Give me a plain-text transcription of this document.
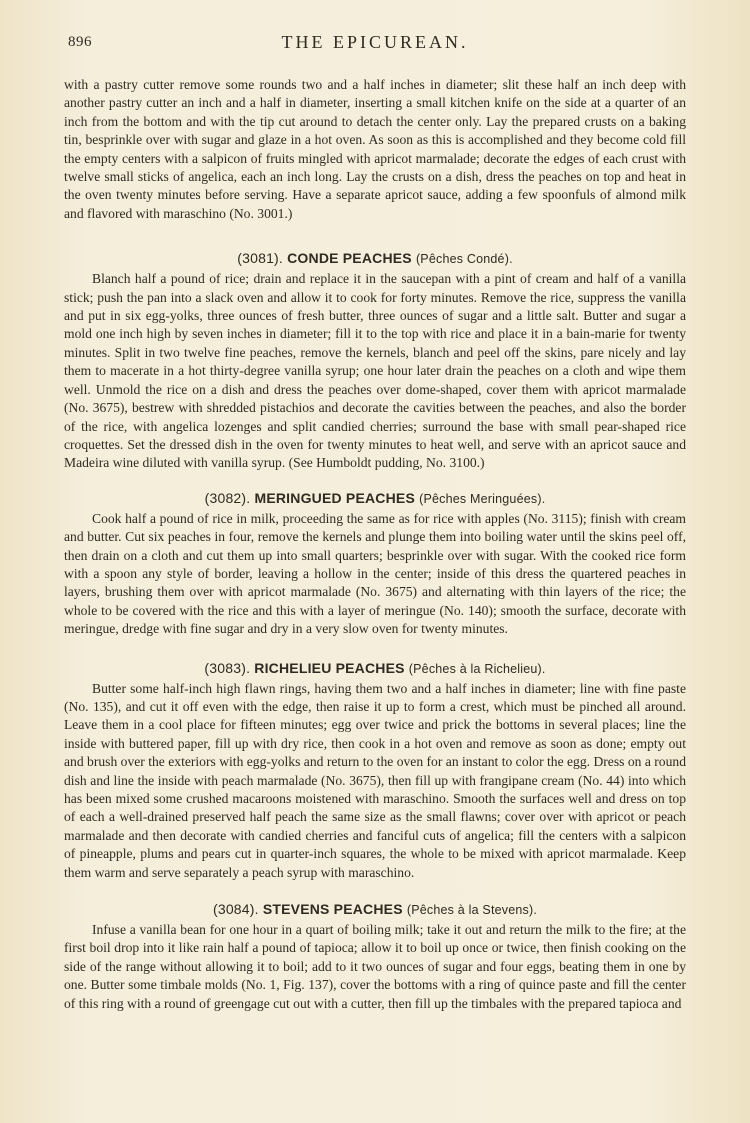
896	THE EPICUREAN.

with a pastry cutter remove some rounds two and a half inches in diameter; slit these half an inch deep with another pastry cutter an inch and a half in diameter, inserting a small kitchen knife on the side at a quarter of an inch from the bottom and with the tip cut around to detach the center only. Lay the prepared crusts on a baking tin, besprinkle over with sugar and glaze in a hot oven. As soon as this is accomplished and they become cold fill the empty centers with a salpicon of fruits mingled with apricot marmalade; decorate the edges of each crust with twelve small sticks of angelica, each an inch long. Lay the crusts on a dish, dress the peaches on top and heat in the oven twenty minutes before serving. Have a separate apricot sauce, adding a few spoonfuls of almond milk and flavored with maraschino (No. 3001.)

(3081). CONDE PEACHES (Pêches Condé).

Blanch half a pound of rice; drain and replace it in the saucepan with a pint of cream and half of a vanilla stick; push the pan into a slack oven and allow it to cook for forty minutes. Remove the rice, suppress the vanilla and put in six egg-yolks, three ounces of fresh butter, three ounces of sugar and a little salt. Butter and sugar a mold one inch high by seven inches in diameter; fill it to the top with rice and place it in a bain-marie for twenty minutes. Split in two twelve fine peaches, remove the kernels, blanch and peel off the skins, pare nicely and lay them to macerate in a hot thirty-degree vanilla syrup; one hour later drain the peaches on a cloth and wipe them well. Unmold the rice on a dish and dress the peaches over dome-shaped, cover them with apricot marmalade (No. 3675), bestrew with shredded pistachios and decorate the cavities between the peaches, and also the border of the rice, with angelica lozenges and split candied cherries; surround the base with small pear-shaped rice croquettes. Set the dressed dish in the oven for twenty minutes to heat well, and serve with an apricot sauce and Madeira wine diluted with vanilla syrup. (See Humboldt pudding, No. 3100.)

(3082). MERINGUED PEACHES (Pêches Meringuées).

Cook half a pound of rice in milk, proceeding the same as for rice with apples (No. 3115); finish with cream and butter. Cut six peaches in four, remove the kernels and plunge them into boiling water until the skins peel off, then drain on a cloth and cut them up into small quarters; besprinkle over with sugar. With the cooked rice form with a spoon any style of border, leaving a hollow in the center; inside of this dress the quartered peaches in layers, brushing them over with apricot marmalade (No. 3675) and alternating with thin layers of the rice; the whole to be covered with the rice and this with a layer of meringue (No. 140); smooth the surface, decorate with meringue, dredge with fine sugar and dry in a very slow oven for twenty minutes.

(3083). RICHELIEU PEACHES (Pêches à la Richelieu).

Butter some half-inch high flawn rings, having them two and a half inches in diameter; line with fine paste (No. 135), and cut it off even with the edge, then raise it up to form a crest, which must be pinched all around. Leave them in a cool place for fifteen minutes; egg over twice and prick the bottoms in several places; line the inside with buttered paper, fill up with dry rice, then cook in a hot oven and remove as soon as done; empty out and brush over the exteriors with egg-yolks and return to the oven for an instant to color the egg. Dress on a round dish and line the inside with peach marmalade (No. 3675), then fill up with frangipane cream (No. 44) into which has been mixed some crushed macaroons moistened with maraschino. Smooth the surfaces well and dress on top of each a well-drained preserved half peach the same size as the small flawns; cover over with apricot or peach marmalade and then decorate with candied cherries and fanciful cuts of angelica; fill the centers with a salpicon of pineapple, plums and pears cut in quarter-inch squares, the whole to be mixed with apricot marmalade. Keep them warm and serve separately a peach syrup with maraschino.

(3084). STEVENS PEACHES (Pêches à la Stevens).

Infuse a vanilla bean for one hour in a quart of boiling milk; take it out and return the milk to the fire; at the first boil drop into it like rain half a pound of tapioca; allow it to boil up once or twice, then finish cooking on the side of the range without allowing it to boil; add to it two ounces of sugar and four eggs, beating them in one by one. Butter some timbale molds (No. 1, Fig. 137), cover the bottoms with a ring of quince paste and fill the center of this ring with a round of greengage cut out with a cutter, then fill up the timbales with the prepared tapioca and
